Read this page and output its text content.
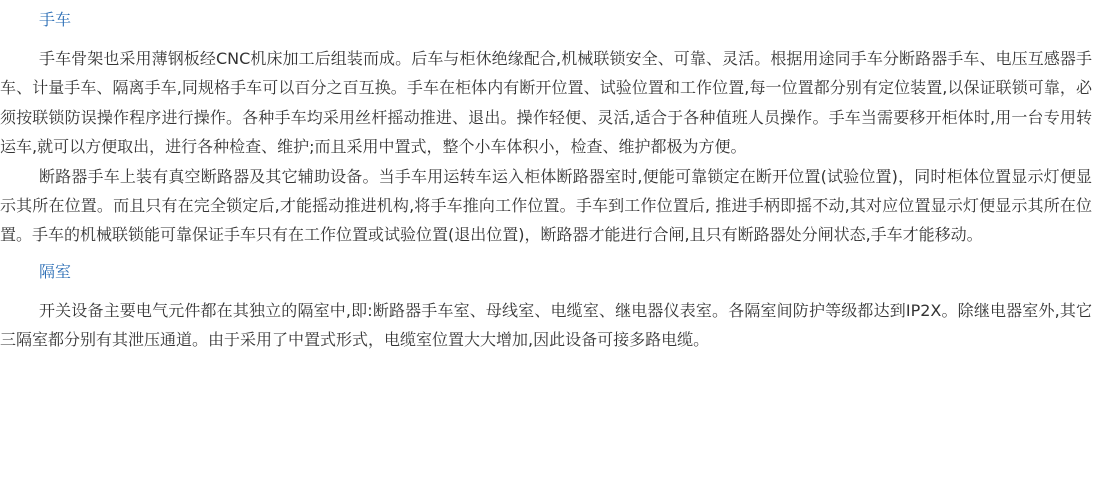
手车

手车骨架也采用薄钢板经CNC机床加工后组装而成。后车与柜休绝缘配合,机械联锁安全、可靠、灵活。根据用途同手车分断路器手车、电压互感器手车、计量手车、隔离手车,同规格手车可以百分之百互换。手车在柜体内有断开位置、试验位置和工作位置,每一位置都分别有定位装置,以保证联锁可靠，必须按联锁防误操作程序进行操作。各种手车均采用丝杆摇动推进、退出。操作轻便、灵活,适合于各种值班人员操作。手车当需要移开柜体时,用一台专用转运车,就可以方便取出，进行各种检查、维护;而且采用中置式，整个小车体积小，检查、维护都极为方便。

断路器手车上装有真空断路器及其它辅助设备。当手车用运转车运入柜体断路器室时,便能可靠锁定在断开位置(试验位置)，同时柜体位置显示灯便显示其所在位置。而且只有在完全锁定后,才能摇动推进机构,将手车推向工作位置。手车到工作位置后, 推进手柄即摇不动,其对应位置显示灯便显示其所在位置。手车的机械联锁能可靠保证手车只有在工作位置或试验位置(退出位置)，断路器才能进行合闸,且只有断路器处分闸状态,手车才能移动。

隔室

开关设备主要电气元件都在其独立的隔室中,即:断路器手车室、母线室、电缆室、继电器仪表室。各隔室间防护等级都达到IP2X。除继电器室外,其它三隔室都分别有其泄压通道。由于采用了中置式形式，电缆室位置大大增加,因此设备可接多路电缆。
